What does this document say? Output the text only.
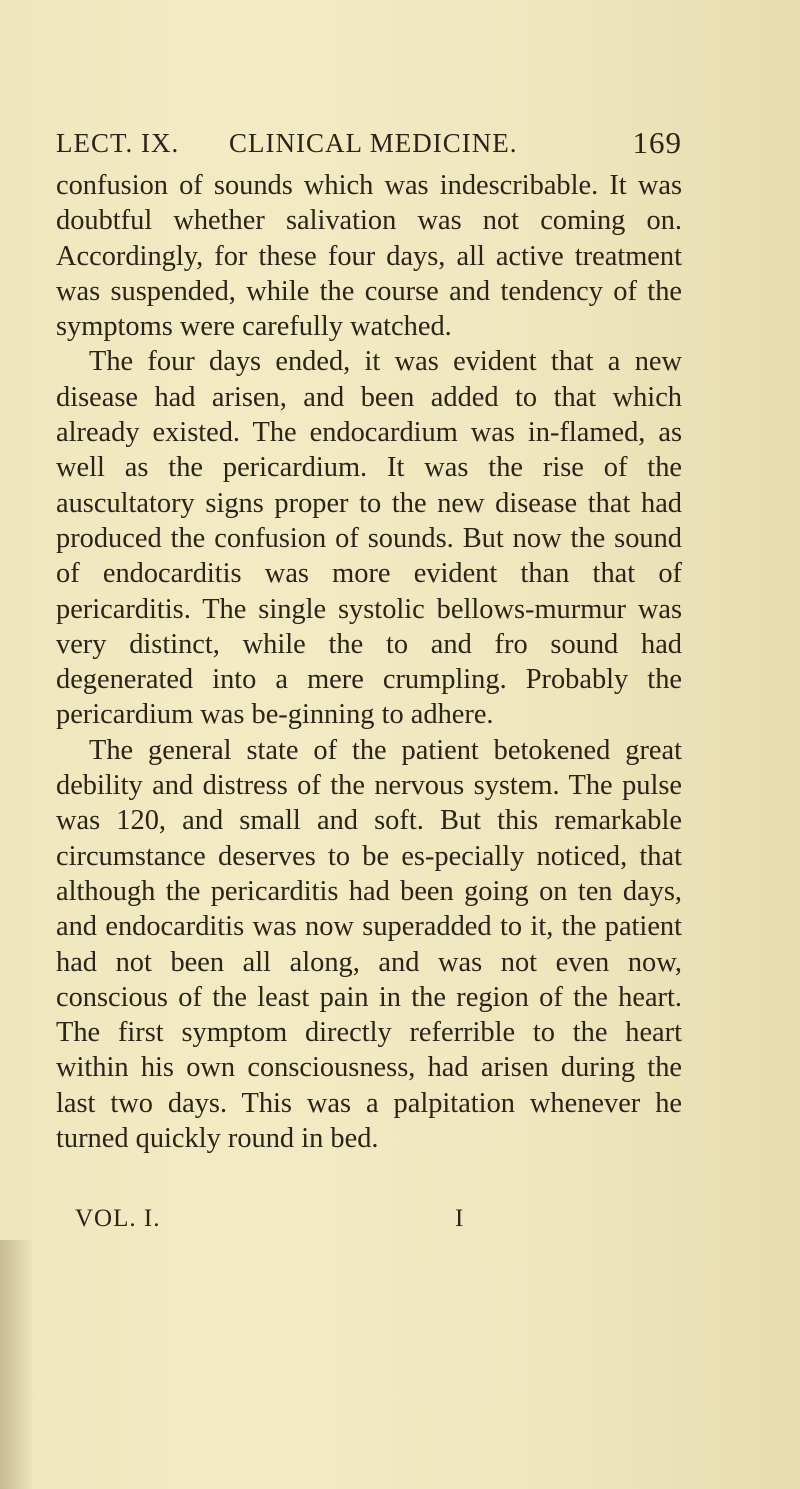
LECT. IX. CLINICAL MEDICINE.	169

confusion of sounds which was indescribable. It was doubtful whether salivation was not coming on. Accordingly, for these four days, all active treatment was suspended, while the course and tendency of the symptoms were carefully watched.

The four days ended, it was evident that a new disease had arisen, and been added to that which already existed. The endocardium was in-flamed, as well as the pericardium. It was the rise of the auscultatory signs proper to the new disease that had produced the confusion of sounds. But now the sound of endocarditis was more evident than that of pericarditis. The single systolic bellows-murmur was very distinct, while the to and fro sound had degenerated into a mere crumpling. Probably the pericardium was be-ginning to adhere.

The general state of the patient betokened great debility and distress of the nervous system. The pulse was 120, and small and soft. But this remarkable circumstance deserves to be es-pecially noticed, that although the pericarditis had been going on ten days, and endocarditis was now superadded to it, the patient had not been all along, and was not even now, conscious of the least pain in the region of the heart. The first symptom directly referrible to the heart within his own consciousness, had arisen during the last two days. This was a palpitation whenever he turned quickly round in bed.

VOL. I.	I
